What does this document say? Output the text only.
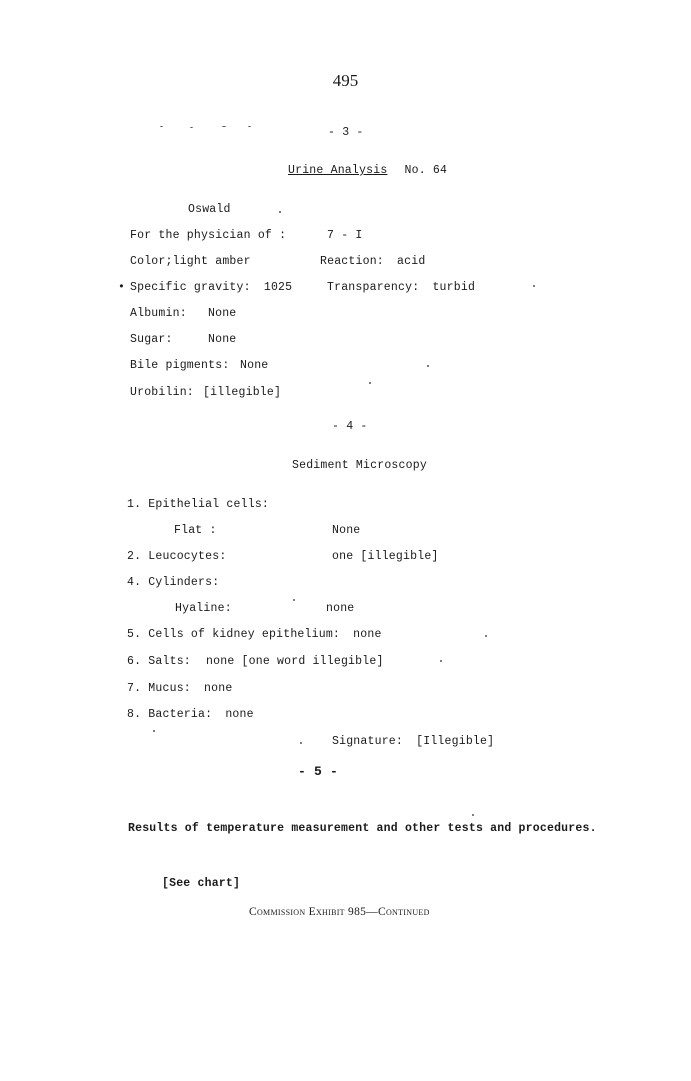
495
- 3 -
Urine Analysis No. 64
Oswald
For the physician of :	7 - I
Color;light amber	Reaction: acid
• Specific gravity: 1025	Transparency: turbid
Albumin: None
Sugar:	None
Bile pigments: None
Urobilin: [illegible]
- 4 -
Sediment Microscopy
1. Epithelial cells:
Flat :	None
2. Leucocytes:	one [illegible]
4. Cylinders:
Hyaline:	none
5. Cells of kidney epithelium: none
6. Salts: none [one word illegible]
7. Mucus: none
8. Bacteria: none
Signature: [Illegible]
- 5 -
Results of temperature measurement and other tests and procedures.
[See chart]
Commission Exhibit 985—Continued
